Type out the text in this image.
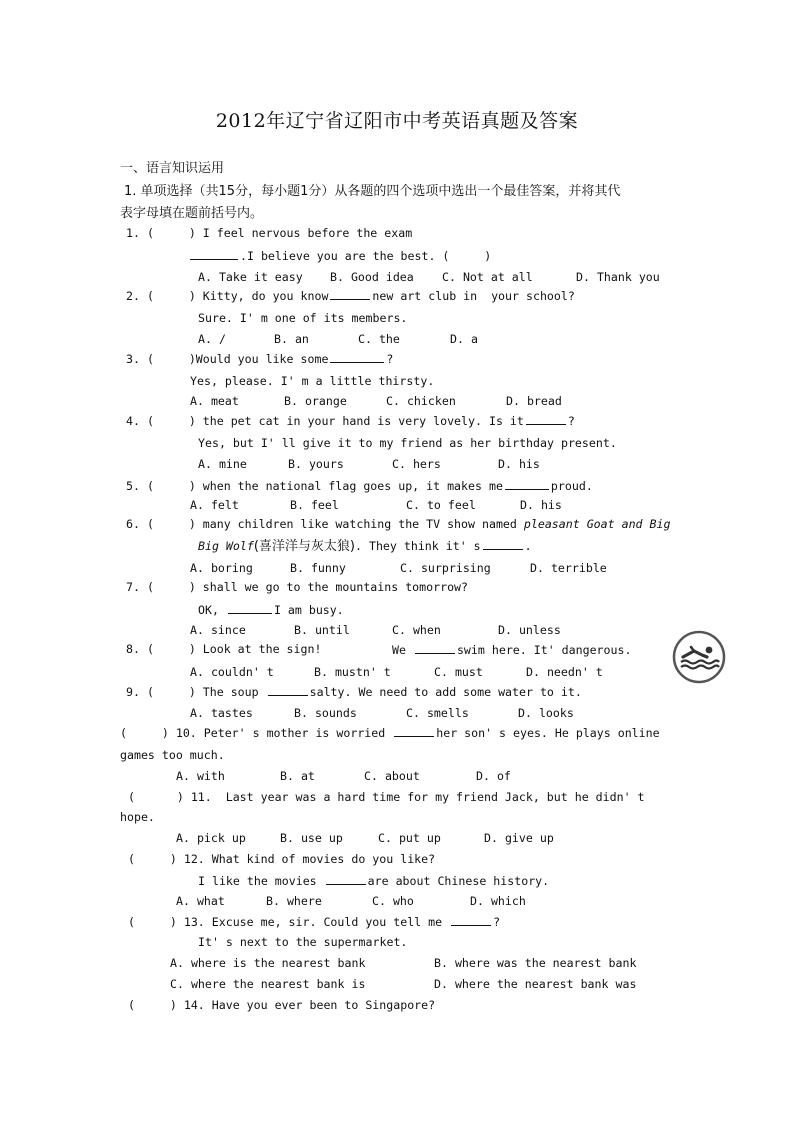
2012年辽宁省辽阳市中考英语真题及答案
一、语言知识运用
1. 单项选择（共15分，每小题1分）从各题的四个选项中选出一个最佳答案，并将其代
表字母填在题前括号内。
1. (     ) I feel nervous before the exam
.I believe you are the best. (     )
A. Take it easy B. Good idea C. Not at all	D. Thank you
2. (     ) Kitty, do you know	new art club in  your school?
Sure. I' m one of its members.
A. /	B. an	C. the	D. a
3. (     )Would you like some	?
Yes, please. I' m a little thirsty.
A. meat	B. orange	C. chicken	D. bread
4. (     ) the pet cat in your hand is very lovely. Is it	?
Yes, but I' ll give it to my friend as her birthday present.
A. mine	B. yours	C. hers	D. his
5. (     ) when the national flag goes up, it makes me	proud.
A. felt	B. feel	C. to feel	D. his
6. (     ) many children like watching the TV show named pleasant Goat and Big
Big Wolf(喜洋洋与灰太狼). They think it' s	.
A. boring	B. funny	C. surprising	D. terrible
7. (     ) shall we go to the mountains tomorrow?
OK,	I am busy.
A. since	B. until	C. when	D. unless
8. (     ) Look at the sign!	We	swim here. It' dangerous.
A. couldn' t	B. mustn' t	C. must	D. needn' t
9. (     ) The soup	salty. We need to add some water to it.
A. tastes	B. sounds	C. smells	D. looks
(     ) 10. Peter' s mother is worried	her son' s eyes. He plays online
games too much.
A. with	B. at	C. about	D. of
(      ) 11.  Last year was a hard time for my friend Jack, but he didn' t
hope.
A. pick up	B. use up	C. put up	D. give up
(     ) 12. What kind of movies do you like?
I like the movies	are about Chinese history.
A. what	B. where	C. who	D. which
(     ) 13. Excuse me, sir. Could you tell me	?
It' s next to the supermarket.
A. where is the nearest bank	B. where was the nearest bank
C. where the nearest bank is	D. where the nearest bank was
(     ) 14. Have you ever been to Singapore?
